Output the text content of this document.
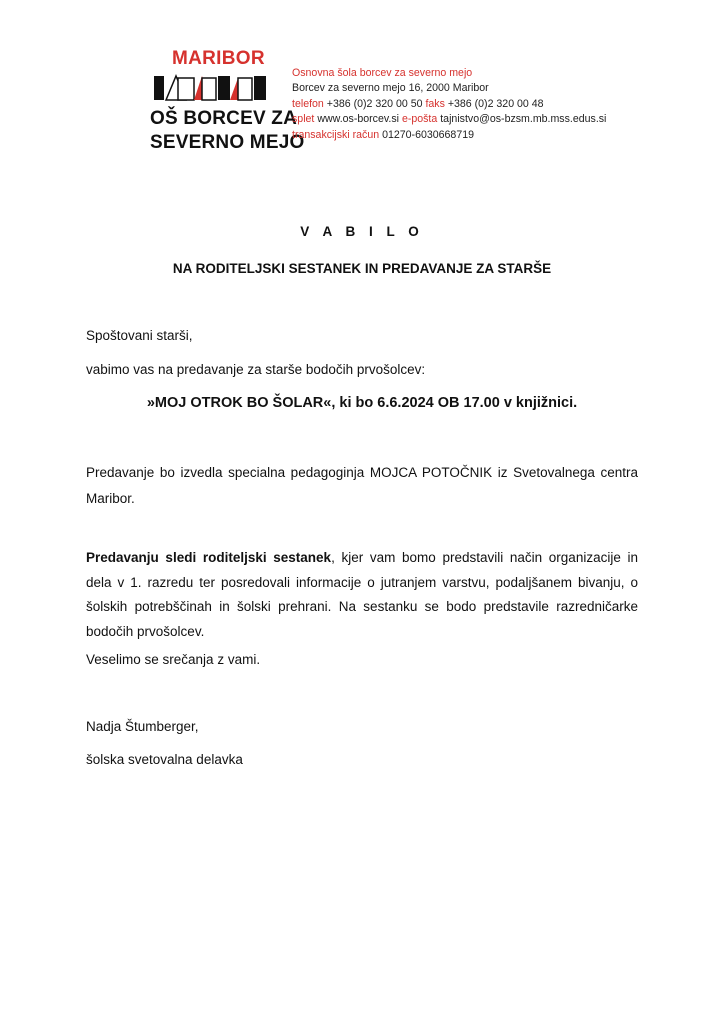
MARIBOR
OŠ BORCEV ZA
SEVERNO MEJO
Osnovna šola borcev za severno mejo
Borcev za severno mejo 16, 2000 Maribor
telefon +386 (0)2 320 00 50 faks +386 (0)2 320 00 48
splet www.os-borcev.si e-pošta tajnistvo@os-bzsm.mb.mss.edus.si
transakcijski račun 01270-6030668719
V A B I L O
NA RODITELJSKI SESTANEK IN PREDAVANJE ZA STARŠE
Spoštovani starši,
vabimo vas na predavanje za starše bodočih prvošolcev:
»MOJ OTROK BO ŠOLAR«, ki bo 6.6.2024 OB 17.00 v knjižnici.
Predavanje bo izvedla specialna pedagoginja MOJCA POTOČNIK iz Svetovalnega centra Maribor.
Predavanju sledi roditeljski sestanek, kjer vam bomo predstavili način organizacije in dela v 1. razredu ter posredovali informacije o jutranjem varstvu, podaljšanem bivanju, o šolskih potrebščinah in šolski prehrani. Na sestanku se bodo predstavile razredničarke bodočih prvošolcev.
Veselimo se srečanja z vami.
Nadja Štumberger,
šolska svetovalna delavka
